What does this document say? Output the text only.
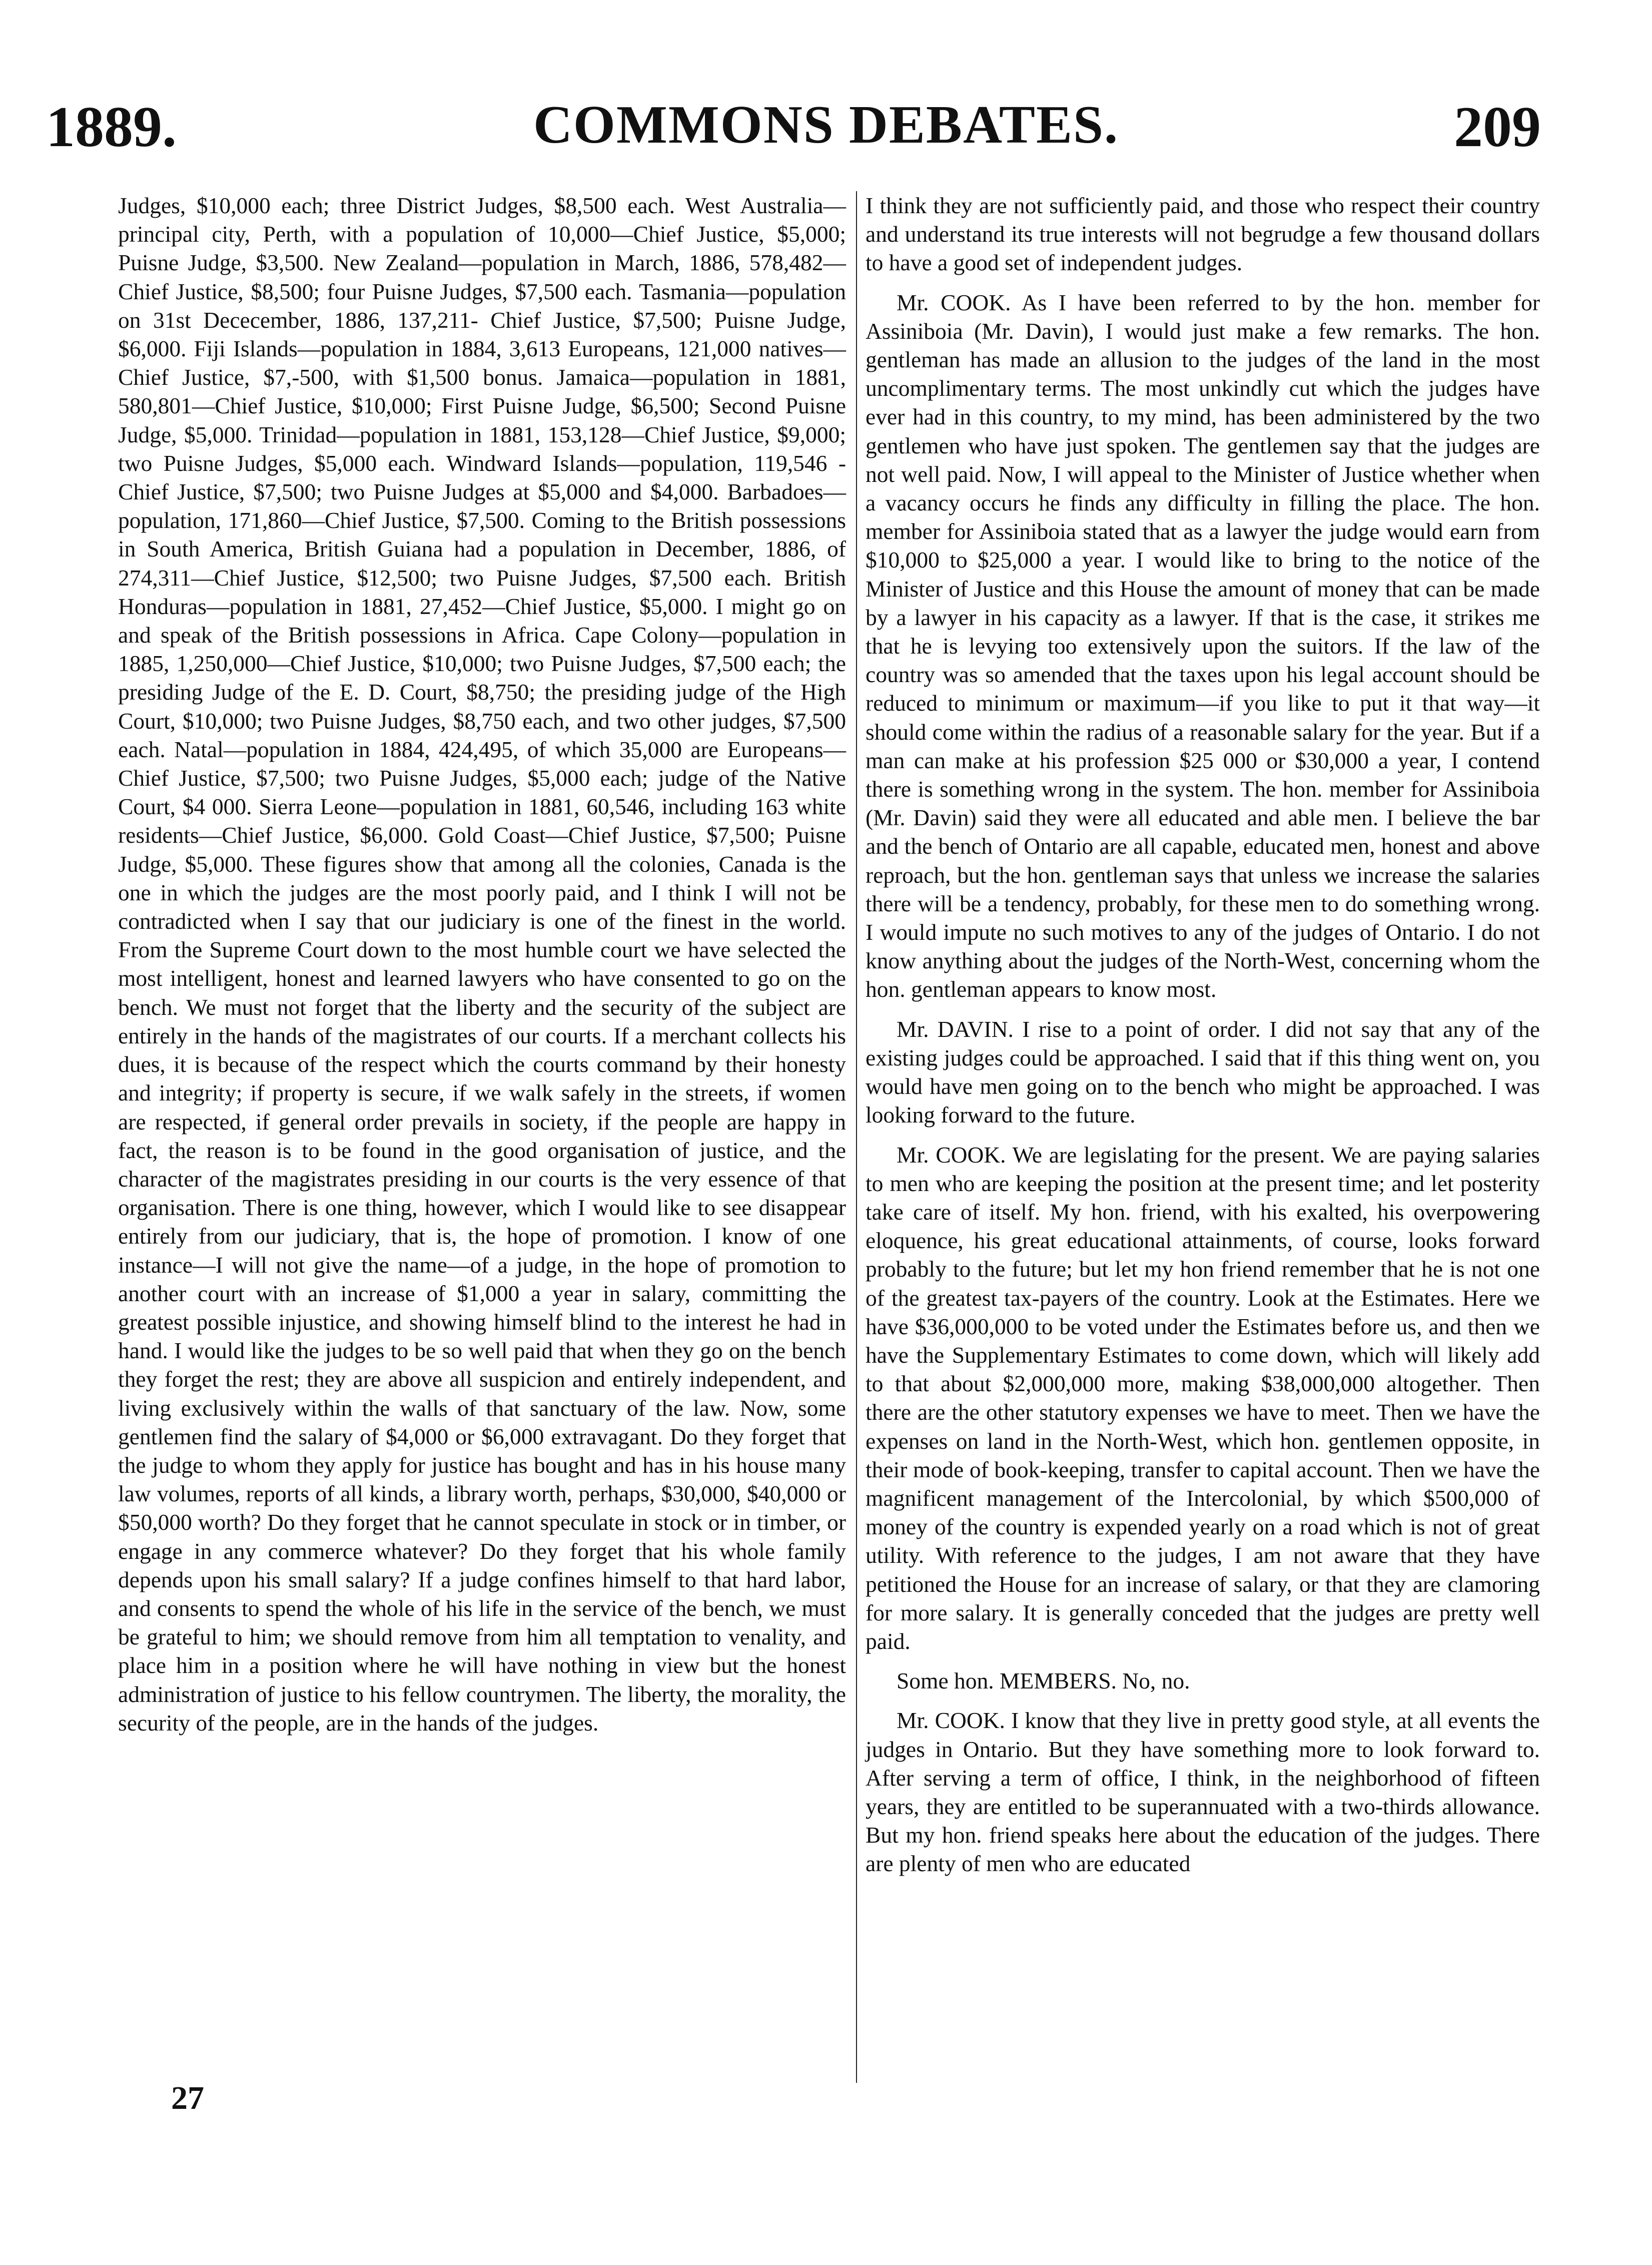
1889.	COMMONS DEBATES.	209

Judges, $10,000 each; three District Judges, $8,500 each. West Australia—principal city, Perth, with a population of 10,000—Chief Justice, $5,000; Puisne Judge, $3,500. New Zealand—population in March, 1886, 578,482—Chief Justice, $8,500; four Puisne Judges, $7,500 each. Tasmania—population on 31st Dececember, 1886, 137,211- Chief Justice, $7,500; Puisne Judge, $6,000. Fiji Islands—population in 1884, 3,613 Europeans, 121,000 natives—Chief Justice, $7,-500, with $1,500 bonus. Jamaica—population in 1881, 580,801—Chief Justice, $10,000; First Puisne Judge, $6,500; Second Puisne Judge, $5,000. Trinidad—population in 1881, 153,128—Chief Justice, $9,000; two Puisne Judges, $5,000 each. Windward Islands—population, 119,546 - Chief Justice, $7,500; two Puisne Judges at $5,000 and $4,000. Barbadoes—population, 171,860—Chief Justice, $7,500. Coming to the British possessions in South America, British Guiana had a population in December, 1886, of 274,311—Chief Justice, $12,500; two Puisne Judges, $7,500 each. British Honduras—population in 1881, 27,452—Chief Justice, $5,000. I might go on and speak of the British possessions in Africa. Cape Colony—population in 1885, 1,250,000—Chief Justice, $10,000; two Puisne Judges, $7,500 each; the presiding Judge of the E. D. Court, $8,750; the presiding judge of the High Court, $10,000; two Puisne Judges, $8,750 each, and two other judges, $7,500 each. Natal—population in 1884, 424,495, of which 35,000 are Europeans—Chief Justice, $7,500; two Puisne Judges, $5,000 each; judge of the Native Court, $4 000. Sierra Leone—population in 1881, 60,546, including 163 white residents—Chief Justice, $6,000. Gold Coast—Chief Justice, $7,500; Puisne Judge, $5,000. These figures show that among all the colonies, Canada is the one in which the judges are the most poorly paid, and I think I will not be contradicted when I say that our judiciary is one of the finest in the world. From the Supreme Court down to the most humble court we have selected the most intelligent, honest and learned lawyers who have consented to go on the bench. We must not forget that the liberty and the security of the subject are entirely in the hands of the magistrates of our courts. If a merchant collects his dues, it is because of the respect which the courts command by their honesty and integrity; if property is secure, if we walk safely in the streets, if women are respected, if general order prevails in society, if the people are happy in fact, the reason is to be found in the good organisation of justice, and the character of the magistrates presiding in our courts is the very essence of that organisation. There is one thing, however, which I would like to see disappear entirely from our judiciary, that is, the hope of promotion. I know of one instance—I will not give the name—of a judge, in the hope of promotion to another court with an increase of $1,000 a year in salary, committing the greatest possible injustice, and showing himself blind to the interest he had in hand. I would like the judges to be so well paid that when they go on the bench they forget the rest; they are above all suspicion and entirely independent, and living exclusively within the walls of that sanctuary of the law. Now, some gentlemen find the salary of $4,000 or $6,000 extravagant. Do they forget that the judge to whom they apply for justice has bought and has in his house many law volumes, reports of all kinds, a library worth, perhaps, $30,000, $40,000 or $50,000 worth? Do they forget that he cannot speculate in stock or in timber, or engage in any commerce whatever? Do they forget that his whole family depends upon his small salary? If a judge confines himself to that hard labor, and consents to spend the whole of his life in the service of the bench, we must be grateful to him; we should remove from him all temptation to venality, and place him in a position where he will have nothing in view but the honest administration of justice to his fellow countrymen. The liberty, the morality, the security of the people, are in the hands of the judges.

I think they are not sufficiently paid, and those who respect their country and understand its true interests will not begrudge a few thousand dollars to have a good set of independent judges.

Mr. COOK. As I have been referred to by the hon. member for Assiniboia (Mr. Davin), I would just make a few remarks. The hon. gentleman has made an allusion to the judges of the land in the most uncomplimentary terms. The most unkindly cut which the judges have ever had in this country, to my mind, has been administered by the two gentlemen who have just spoken. The gentlemen say that the judges are not well paid. Now, I will appeal to the Minister of Justice whether when a vacancy occurs he finds any difficulty in filling the place. The hon. member for Assiniboia stated that as a lawyer the judge would earn from $10,000 to $25,000 a year. I would like to bring to the notice of the Minister of Justice and this House the amount of money that can be made by a lawyer in his capacity as a lawyer. If that is the case, it strikes me that he is levying too extensively upon the suitors. If the law of the country was so amended that the taxes upon his legal account should be reduced to minimum or maximum—if you like to put it that way—it should come within the radius of a reasonable salary for the year. But if a man can make at his profession $25 000 or $30,000 a year, I contend there is something wrong in the system. The hon. member for Assiniboia (Mr. Davin) said they were all educated and able men. I believe the bar and the bench of Ontario are all capable, educated men, honest and above reproach, but the hon. gentleman says that unless we increase the salaries there will be a tendency, probably, for these men to do something wrong. I would impute no such motives to any of the judges of Ontario. I do not know anything about the judges of the North-West, concerning whom the hon. gentleman appears to know most.

Mr. DAVIN. I rise to a point of order. I did not say that any of the existing judges could be approached. I said that if this thing went on, you would have men going on to the bench who might be approached. I was looking forward to the future.

Mr. COOK. We are legislating for the present. We are paying salaries to men who are keeping the position at the present time; and let posterity take care of itself. My hon. friend, with his exalted, his overpowering eloquence, his great educational attainments, of course, looks forward probably to the future; but let my hon friend remember that he is not one of the greatest tax-payers of the country. Look at the Estimates. Here we have $36,000,000 to be voted under the Estimates before us, and then we have the Supplementary Estimates to come down, which will likely add to that about $2,000,000 more, making $38,000,000 altogether. Then there are the other statutory expenses we have to meet. Then we have the expenses on land in the North-West, which hon. gentlemen opposite, in their mode of book-keeping, transfer to capital account. Then we have the magnificent management of the Intercolonial, by which $500,000 of money of the country is expended yearly on a road which is not of great utility. With reference to the judges, I am not aware that they have petitioned the House for an increase of salary, or that they are clamoring for more salary. It is generally conceded that the judges are pretty well paid.

Some hon. MEMBERS. No, no.

Mr. COOK. I know that they live in pretty good style, at all events the judges in Ontario. But they have something more to look forward to. After serving a term of office, I think, in the neighborhood of fifteen years, they are entitled to be superannuated with a two-thirds allowance. But my hon. friend speaks here about the education of the judges. There are plenty of men who are educated

27
